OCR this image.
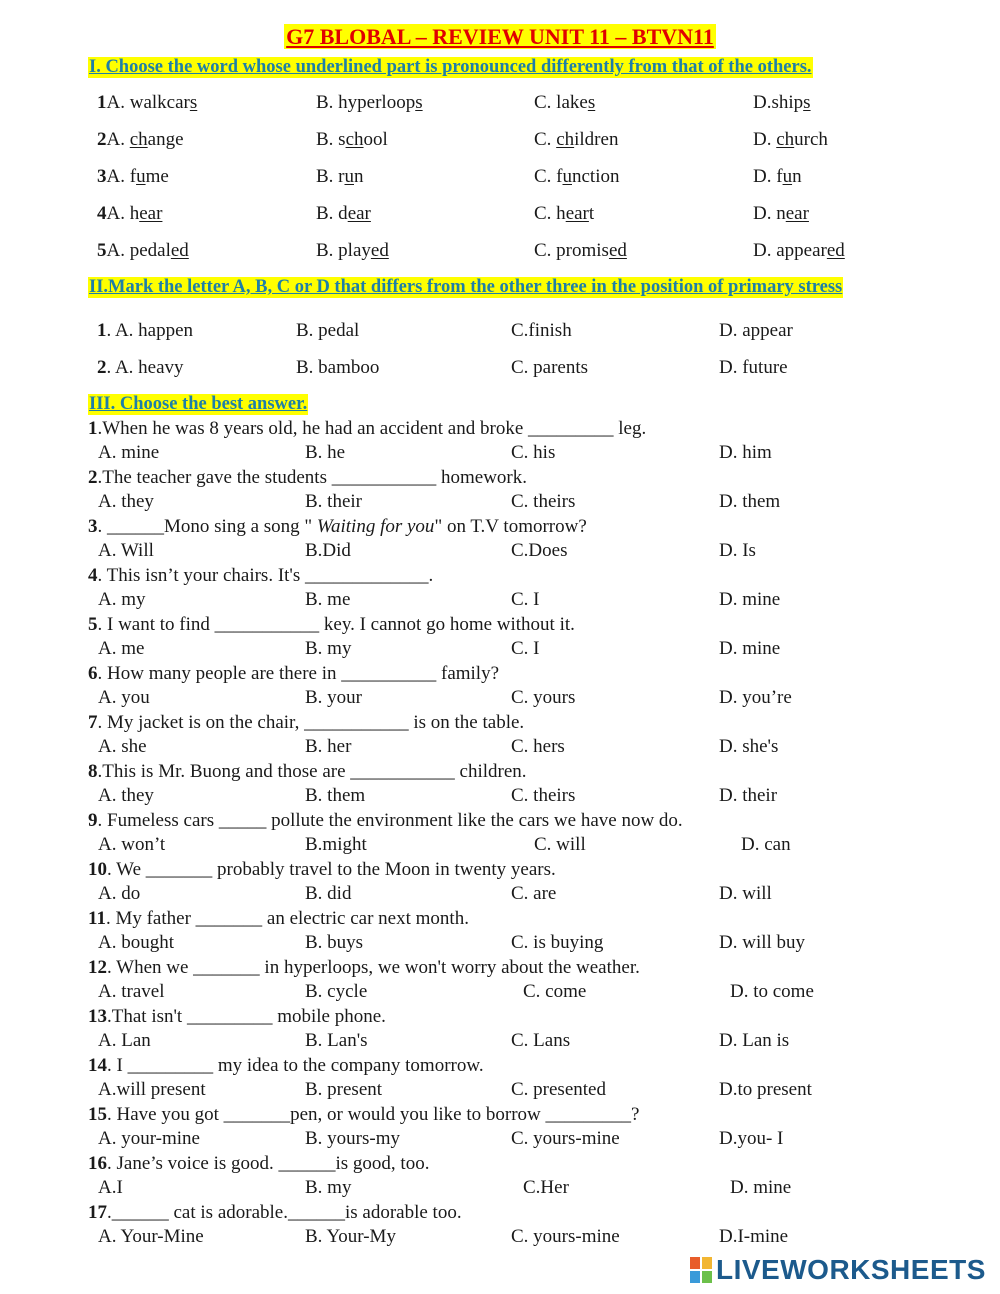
G7 BLOBAL – REVIEW UNIT 11 – BTVN11
I. Choose the word whose underlined part is pronounced differently from that of the others.
1A. walkcars	B. hyperloops	C. lakes	D.ships
2A. change	B. school	C. children	D. church
3A. fume	B. run	C. function	D. fun
4A. hear	B. dear	C. heart	D. near
5A. pedaled	B. played	C. promised	D. appeared
II.Mark the letter A, B, C or D that differs from the other three in the position of primary stress
1. A. happen	B. pedal	C.finish	D. appear
2. A. heavy	B. bamboo	C. parents	D. future
III. Choose the best answer.
1.When he was 8 years old, he had an accident and broke _________ leg.
A. mine	B. he	C. his	D. him
2.The teacher gave the students ___________ homework.
A. they	B. their	C. theirs	D. them
3. ______Mono sing a song " Waiting for you" on T.V tomorrow?
A. Will	B.Did	C.Does	D. Is
4. This isn’t your chairs. It's _____________.
A. my	B. me	C. I	D. mine
5. I want to find ___________ key. I cannot go home without it.
A. me	B. my	C. I	D. mine
6. How many people are there in __________ family?
A. you	B. your	C. yours	D. you’re
7. My jacket is on the chair, ___________ is on the table.
A. she	B. her	C. hers	D. she's
8.This is Mr. Buong and those are ___________ children.
A. they	B. them	C. theirs	D. their
9. Fumeless cars _____ pollute the environment like the cars we have now do.
A. won’t	B.might	C. will	D. can
10. We _______ probably travel to the Moon in twenty years.
A. do	B. did	C. are	D. will
11. My father _______ an electric car next month.
A. bought	B. buys	C. is buying	D. will buy
12. When we _______ in hyperloops, we won't worry about the weather.
A. travel	B. cycle	C. come	D. to come
13.That isn't _________ mobile phone.
A. Lan	B. Lan's	C. Lans	D. Lan is
14. I _________ my idea to the company tomorrow.
A.will present	B. present	C. presented	D.to present
15. Have you got _______pen, or would you like to borrow _________?
A. your-mine	B. yours-my	C. yours-mine	D.you- I
16. Jane’s voice is good. ______is good, too.
A.I	B. my	C.Her	D. mine
17.______ cat is adorable.______is adorable too.
A. Your-Mine	B. Your-My	C. yours-mine	D.I-mine
LIVEWORKSHEETS
